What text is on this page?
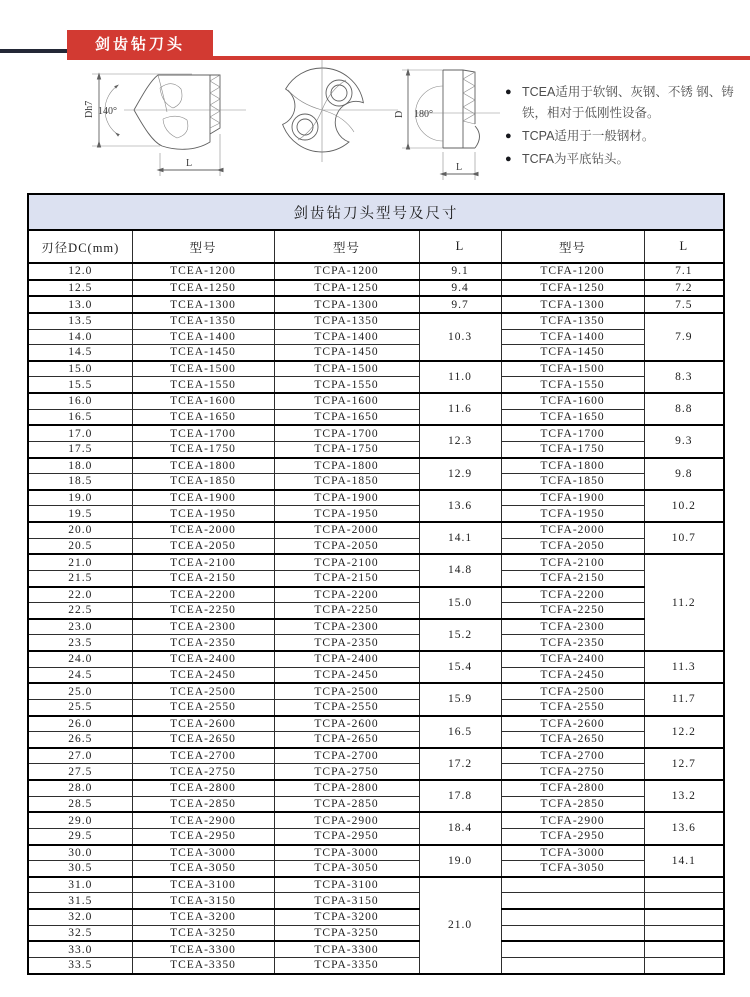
剑齿钻刀头
Dh7 140°
L
D 180°
L
● TCEA适用于软钢、灰钢、不锈 钢、铸铁，相对于低刚性设备。
● TCPA适用于一般钢材。
● TCFA为平底钻头。
剑齿钻刀头型号及尺寸					
刃径DC(mm)	型号	型号	L	型号	L
12.0	TCEA-1200	TCPA-1200	9.1	TCFA-1200	7.1
12.5	TCEA-1250	TCPA-1250	9.4	TCFA-1250	7.2
13.0	TCEA-1300	TCPA-1300	9.7	TCFA-1300	7.5
13.5	TCEA-1350	TCPA-1350	10.3	TCFA-1350	7.9
14.0	TCEA-1400	TCPA-1400		TCFA-1400	
14.5	TCEA-1450	TCPA-1450		TCFA-1450	
15.0	TCEA-1500	TCPA-1500	11.0	TCFA-1500	8.3
15.5	TCEA-1550	TCPA-1550		TCFA-1550	
16.0	TCEA-1600	TCPA-1600	11.6	TCFA-1600	8.8
16.5	TCEA-1650	TCPA-1650		TCFA-1650	
17.0	TCEA-1700	TCPA-1700	12.3	TCFA-1700	9.3
17.5	TCEA-1750	TCPA-1750		TCFA-1750	
18.0	TCEA-1800	TCPA-1800	12.9	TCFA-1800	9.8
18.5	TCEA-1850	TCPA-1850		TCFA-1850	
19.0	TCEA-1900	TCPA-1900	13.6	TCFA-1900	10.2
19.5	TCEA-1950	TCPA-1950		TCFA-1950	
20.0	TCEA-2000	TCPA-2000	14.1	TCFA-2000	10.7
20.5	TCEA-2050	TCPA-2050		TCFA-2050	
21.0	TCEA-2100	TCPA-2100	14.8	TCFA-2100	11.2
21.5	TCEA-2150	TCPA-2150		TCFA-2150	
22.0	TCEA-2200	TCPA-2200	15.0	TCFA-2200	
22.5	TCEA-2250	TCPA-2250		TCFA-2250	
23.0	TCEA-2300	TCPA-2300	15.2	TCFA-2300	
23.5	TCEA-2350	TCPA-2350		TCFA-2350	
24.0	TCEA-2400	TCPA-2400	15.4	TCFA-2400	11.3
24.5	TCEA-2450	TCPA-2450		TCFA-2450	
25.0	TCEA-2500	TCPA-2500	15.9	TCFA-2500	11.7
25.5	TCEA-2550	TCPA-2550		TCFA-2550	
26.0	TCEA-2600	TCPA-2600	16.5	TCFA-2600	12.2
26.5	TCEA-2650	TCPA-2650		TCFA-2650	
27.0	TCEA-2700	TCPA-2700	17.2	TCFA-2700	12.7
27.5	TCEA-2750	TCPA-2750		TCFA-2750	
28.0	TCEA-2800	TCPA-2800	17.8	TCFA-2800	13.2
28.5	TCEA-2850	TCPA-2850		TCFA-2850	
29.0	TCEA-2900	TCPA-2900	18.4	TCFA-2900	13.6
29.5	TCEA-2950	TCPA-2950		TCFA-2950	
30.0	TCEA-3000	TCPA-3000	19.0	TCFA-3000	14.1
30.5	TCEA-3050	TCPA-3050		TCFA-3050	
31.0	TCEA-3100	TCPA-3100	21.0		
31.5	TCEA-3150	TCPA-3150			
32.0	TCEA-3200	TCPA-3200			
32.5	TCEA-3250	TCPA-3250			
33.0	TCEA-3300	TCPA-3300			
33.5	TCEA-3350	TCPA-3350			
